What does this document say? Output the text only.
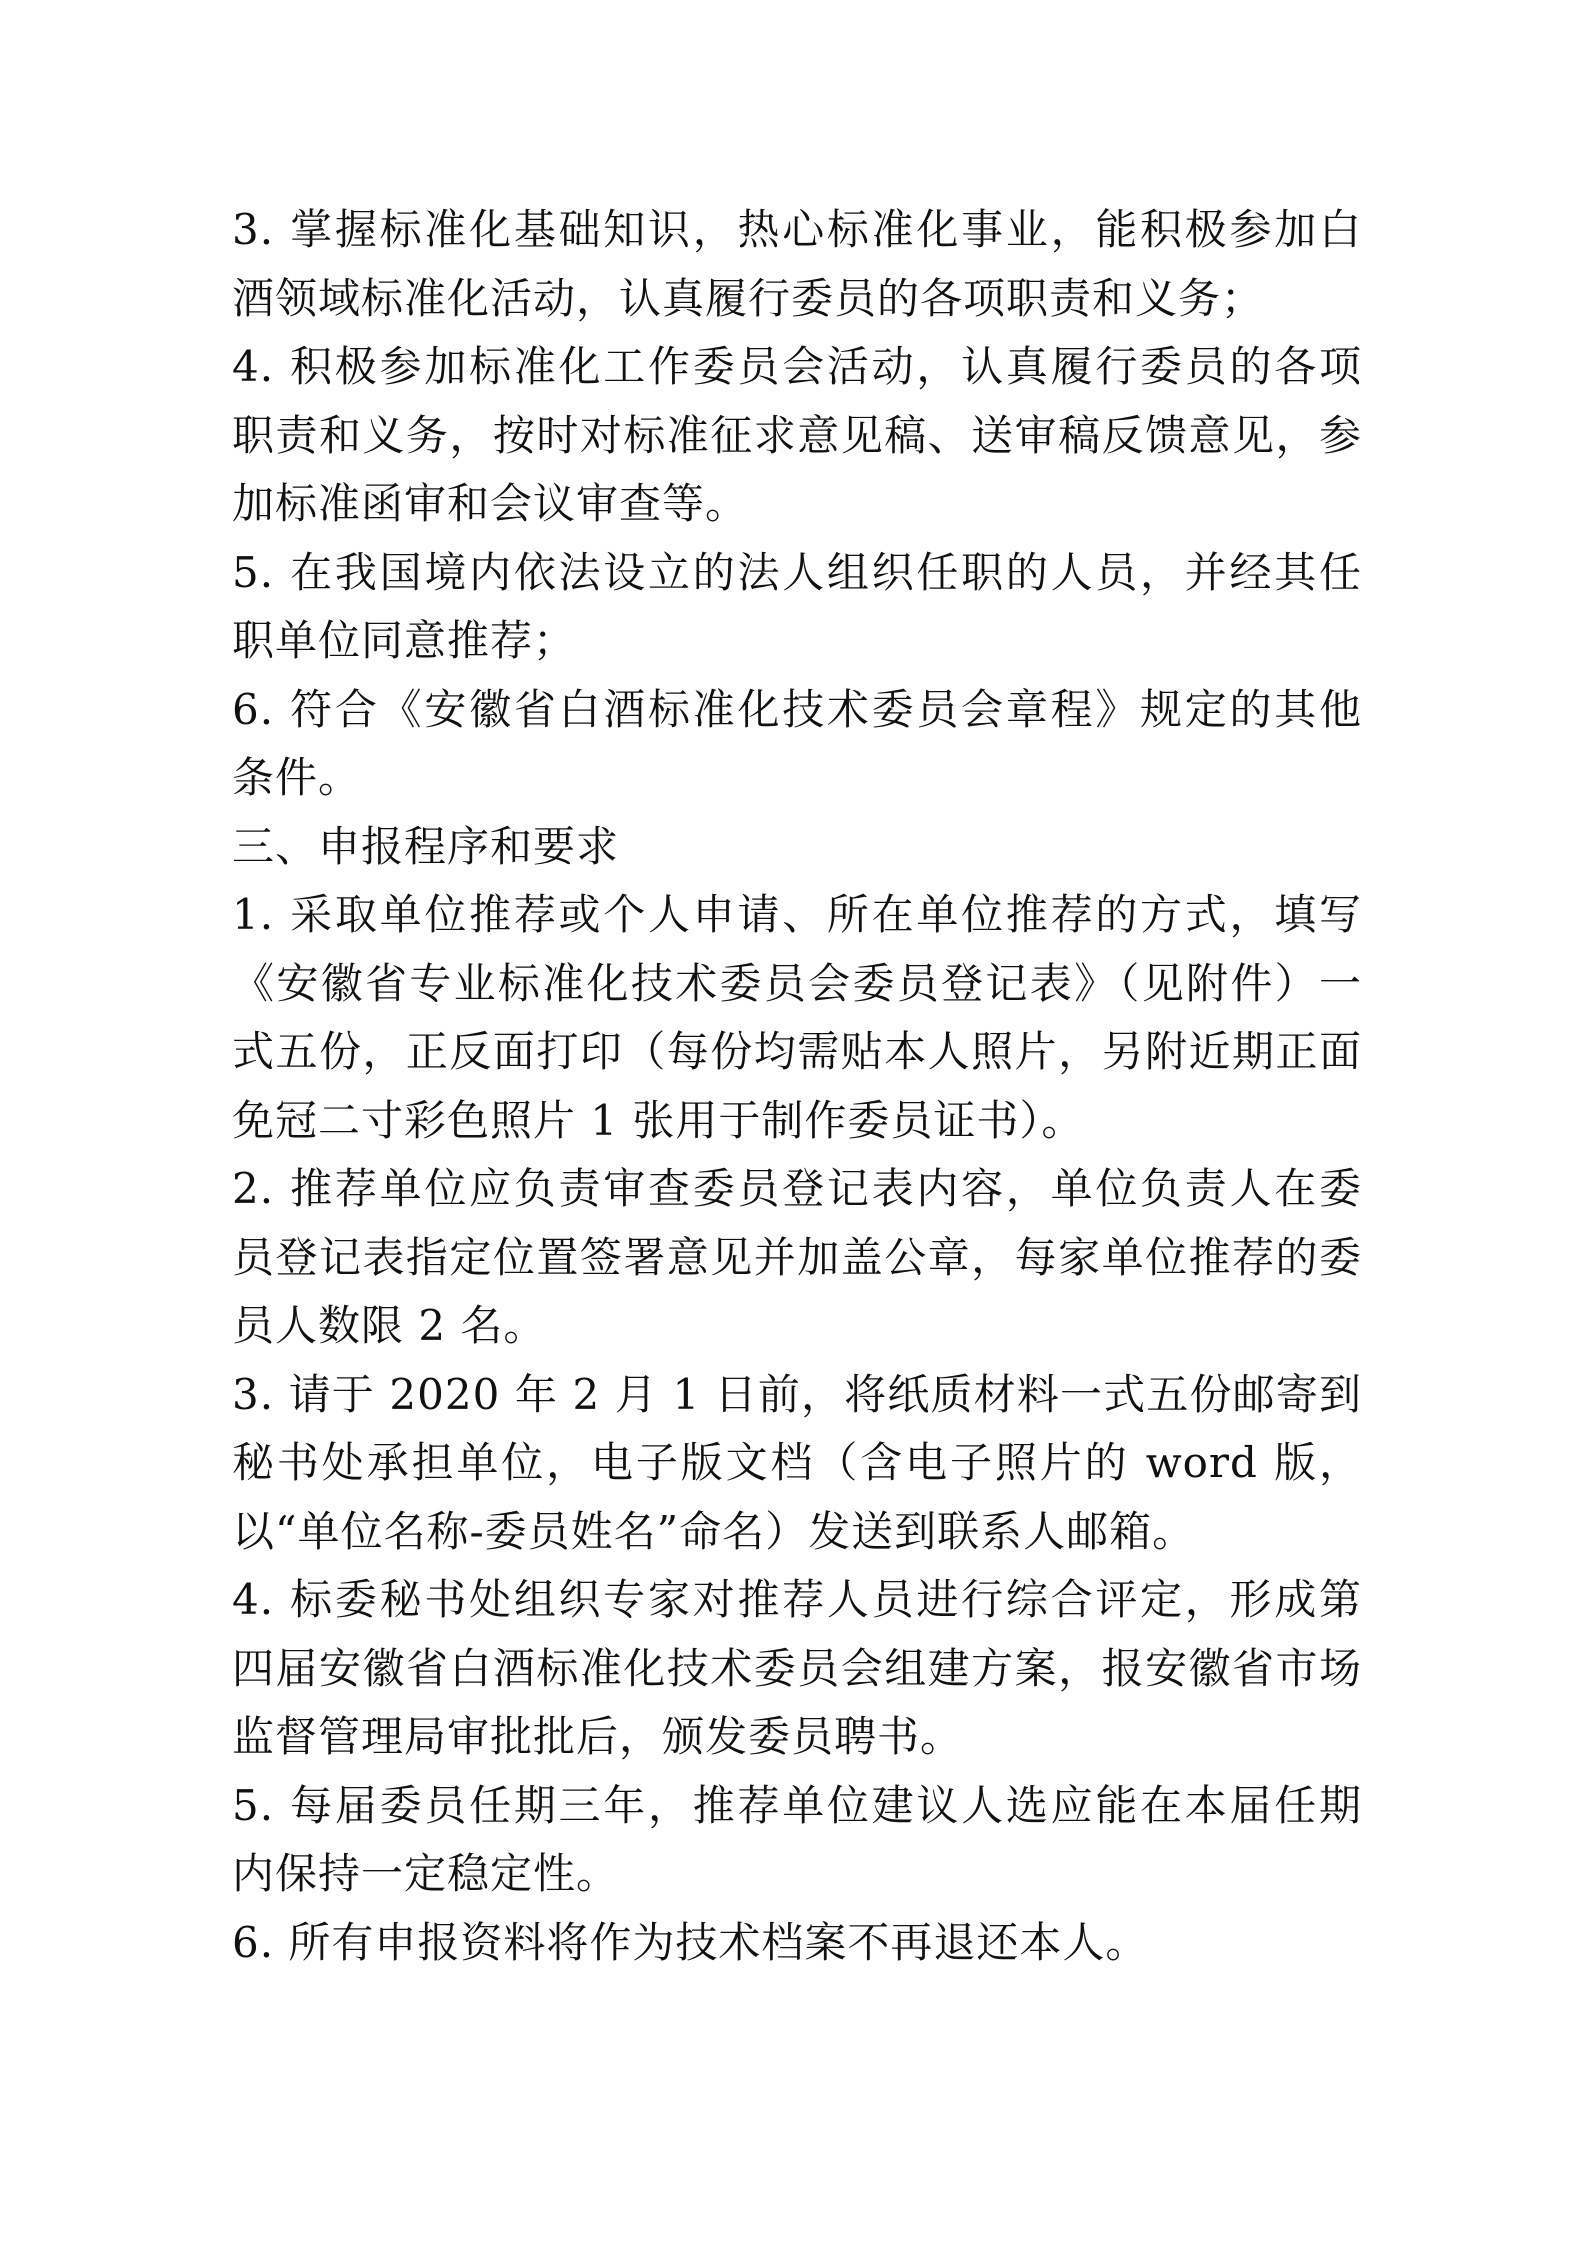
3. 掌握标准化基础知识，热心标准化事业，能积极参加白酒领域标准化活动，认真履行委员的各项职责和义务；

4. 积极参加标准化工作委员会活动，认真履行委员的各项职责和义务，按时对标准征求意见稿、送审稿反馈意见，参加标准函审和会议审查等。

5. 在我国境内依法设立的法人组织任职的人员，并经其任职单位同意推荐；

6. 符合《安徽省白酒标准化技术委员会章程》规定的其他条件。

三、申报程序和要求

1. 采取单位推荐或个人申请、所在单位推荐的方式，填写《安徽省专业标准化技术委员会委员登记表》（见附件）一式五份，正反面打印（每份均需贴本人照片，另附近期正面免冠二寸彩色照片 1 张用于制作委员证书）。

2. 推荐单位应负责审查委员登记表内容，单位负责人在委员登记表指定位置签署意见并加盖公章，每家单位推荐的委员人数限 2 名。

3. 请于 2020 年 2 月 1 日前，将纸质材料一式五份邮寄到秘书处承担单位，电子版文档（含电子照片的 word 版，以“单位名称-委员姓名”命名）发送到联系人邮箱。

4. 标委秘书处组织专家对推荐人员进行综合评定，形成第四届安徽省白酒标准化技术委员会组建方案，报安徽省市场监督管理局审批批后，颁发委员聘书。

5. 每届委员任期三年，推荐单位建议人选应能在本届任期内保持一定稳定性。

6. 所有申报资料将作为技术档案不再退还本人。
